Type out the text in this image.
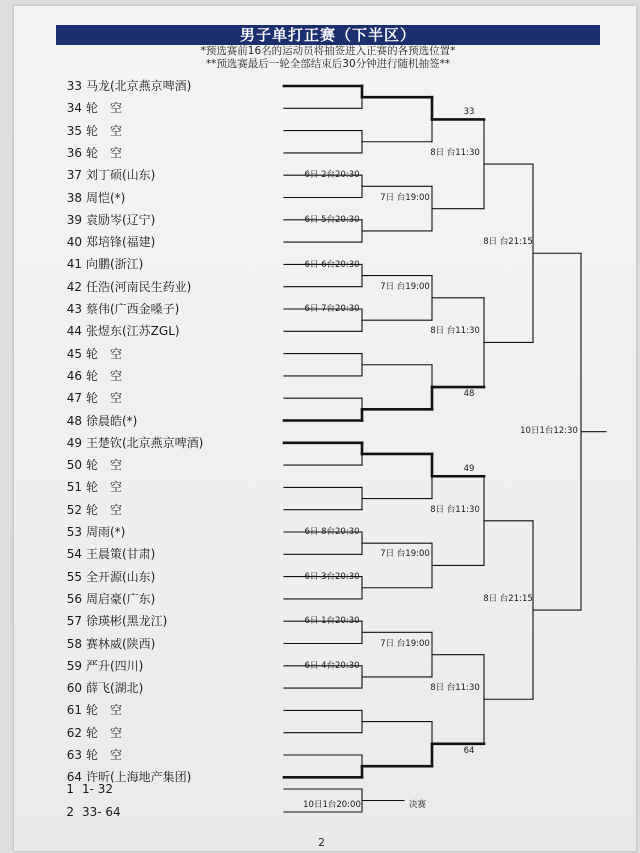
男子单打正赛（下半区）
*预选赛前16名的运动员将抽签进入正赛的各预选位置*
**预选赛最后一轮全部结束后30分钟进行随机抽签**
33 马龙(北京燕京啤酒)
34 轮　空
35 轮　空
36 轮　空
37 刘丁硕(山东)
38 周恺(*)
39 袁励岑(辽宁)
40 郑培锋(福建)
41 向鹏(浙江)
42 任浩(河南民生药业)
43 蔡伟(广西金嗓子)
44 张煜东(江苏ZGL)
45 轮　空
46 轮　空
47 轮　空
48 徐晨皓(*)
49 王楚钦(北京燕京啤酒)
50 轮　空
51 轮　空
52 轮　空
53 周雨(*)
54 王晨策(甘肃)
55 全开源(山东)
56 周启豪(广东)
57 徐瑛彬(黑龙江)
58 赛林威(陕西)
59 严升(四川)
60 薛飞(湖北)
61 轮　空
62 轮　空
63 轮　空
64 许昕(上海地产集团)
6日 2台20:30
6日 5台20:30
6日 6台20:30
6日 7台20:30
6日 8台20:30
6日 3台20:30
6日 1台20:30
6日 4台20:30
7日 台19:00
7日 台19:00
7日 台19:00
7日 台19:00
8日 台11:30
8日 台11:30
8日 台11:30
8日 台11:30
8日 台21:15
8日 台21:15
10日1台12:30
33
48
49
64
1 1- 32
2 33- 64	10日1台20:00	决赛
2
